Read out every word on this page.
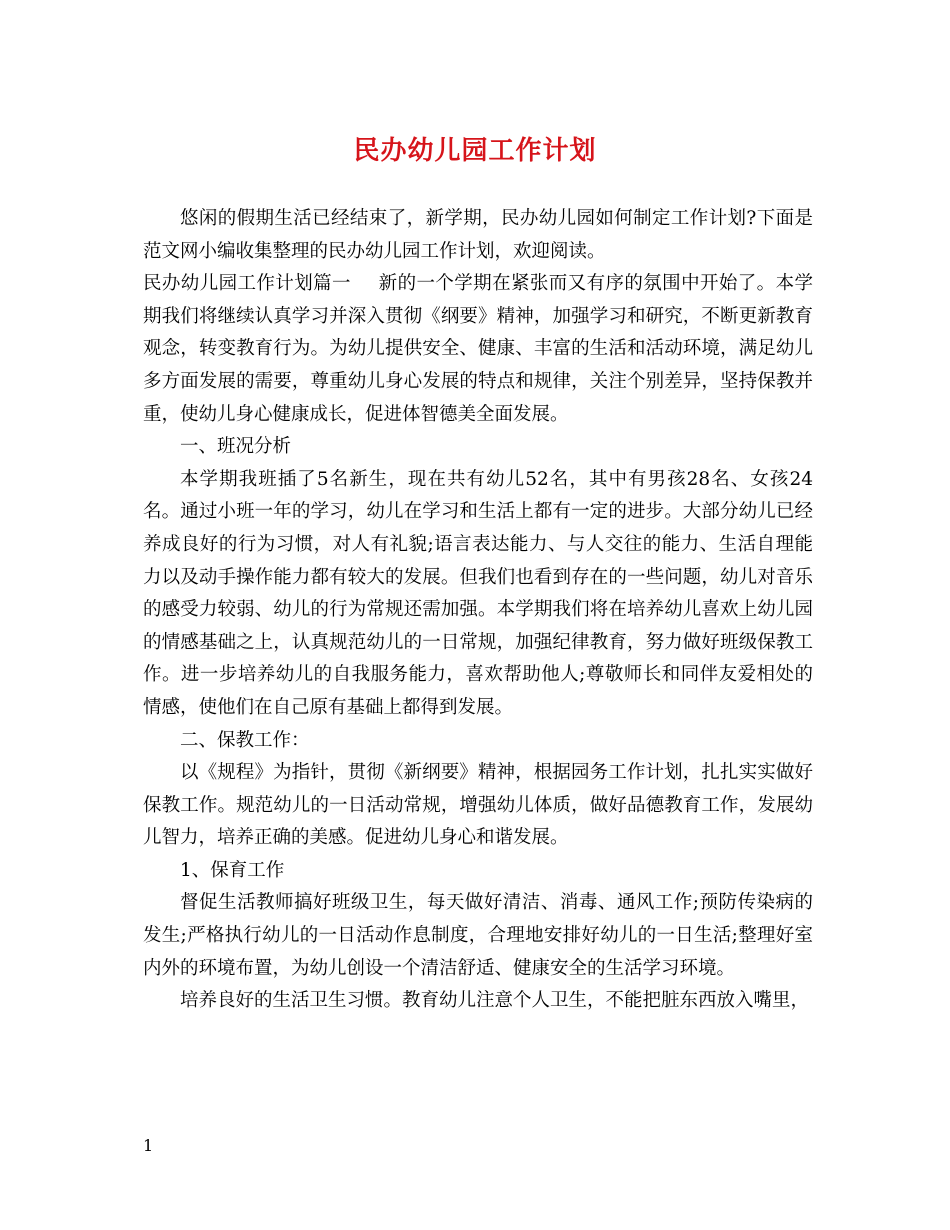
民办幼儿园工作计划

悠闲的假期生活已经结束了，新学期，民办幼儿园如何制定工作计划?下面是范文网小编收集整理的民办幼儿园工作计划，欢迎阅读。

民办幼儿园工作计划篇一 新的一个学期在紧张而又有序的氛围中开始了。本学期我们将继续认真学习并深入贯彻《纲要》精神，加强学习和研究，不断更新教育观念，转变教育行为。为幼儿提供安全、健康、丰富的生活和活动环境，满足幼儿多方面发展的需要，尊重幼儿身心发展的特点和规律，关注个别差异，坚持保教并重，使幼儿身心健康成长，促进体智德美全面发展。

一、班况分析

本学期我班插了5名新生，现在共有幼儿52名，其中有男孩28名、女孩24名。通过小班一年的学习，幼儿在学习和生活上都有一定的进步。大部分幼儿已经养成良好的行为习惯，对人有礼貌;语言表达能力、与人交往的能力、生活自理能力以及动手操作能力都有较大的发展。但我们也看到存在的一些问题，幼儿对音乐的感受力较弱、幼儿的行为常规还需加强。本学期我们将在培养幼儿喜欢上幼儿园的情感基础之上，认真规范幼儿的一日常规，加强纪律教育，努力做好班级保教工作。进一步培养幼儿的自我服务能力，喜欢帮助他人;尊敬师长和同伴友爱相处的情感，使他们在自己原有基础上都得到发展。

二、保教工作：

以《规程》为指针，贯彻《新纲要》精神，根据园务工作计划，扎扎实实做好保教工作。规范幼儿的一日活动常规，增强幼儿体质，做好品德教育工作，发展幼儿智力，培养正确的美感。促进幼儿身心和谐发展。

1、保育工作

督促生活教师搞好班级卫生，每天做好清洁、消毒、通风工作;预防传染病的发生;严格执行幼儿的一日活动作息制度，合理地安排好幼儿的一日生活;整理好室内外的环境布置，为幼儿创设一个清洁舒适、健康安全的生活学习环境。

培养良好的生活卫生习惯。教育幼儿注意个人卫生，不能把脏东西放入嘴里，

1
